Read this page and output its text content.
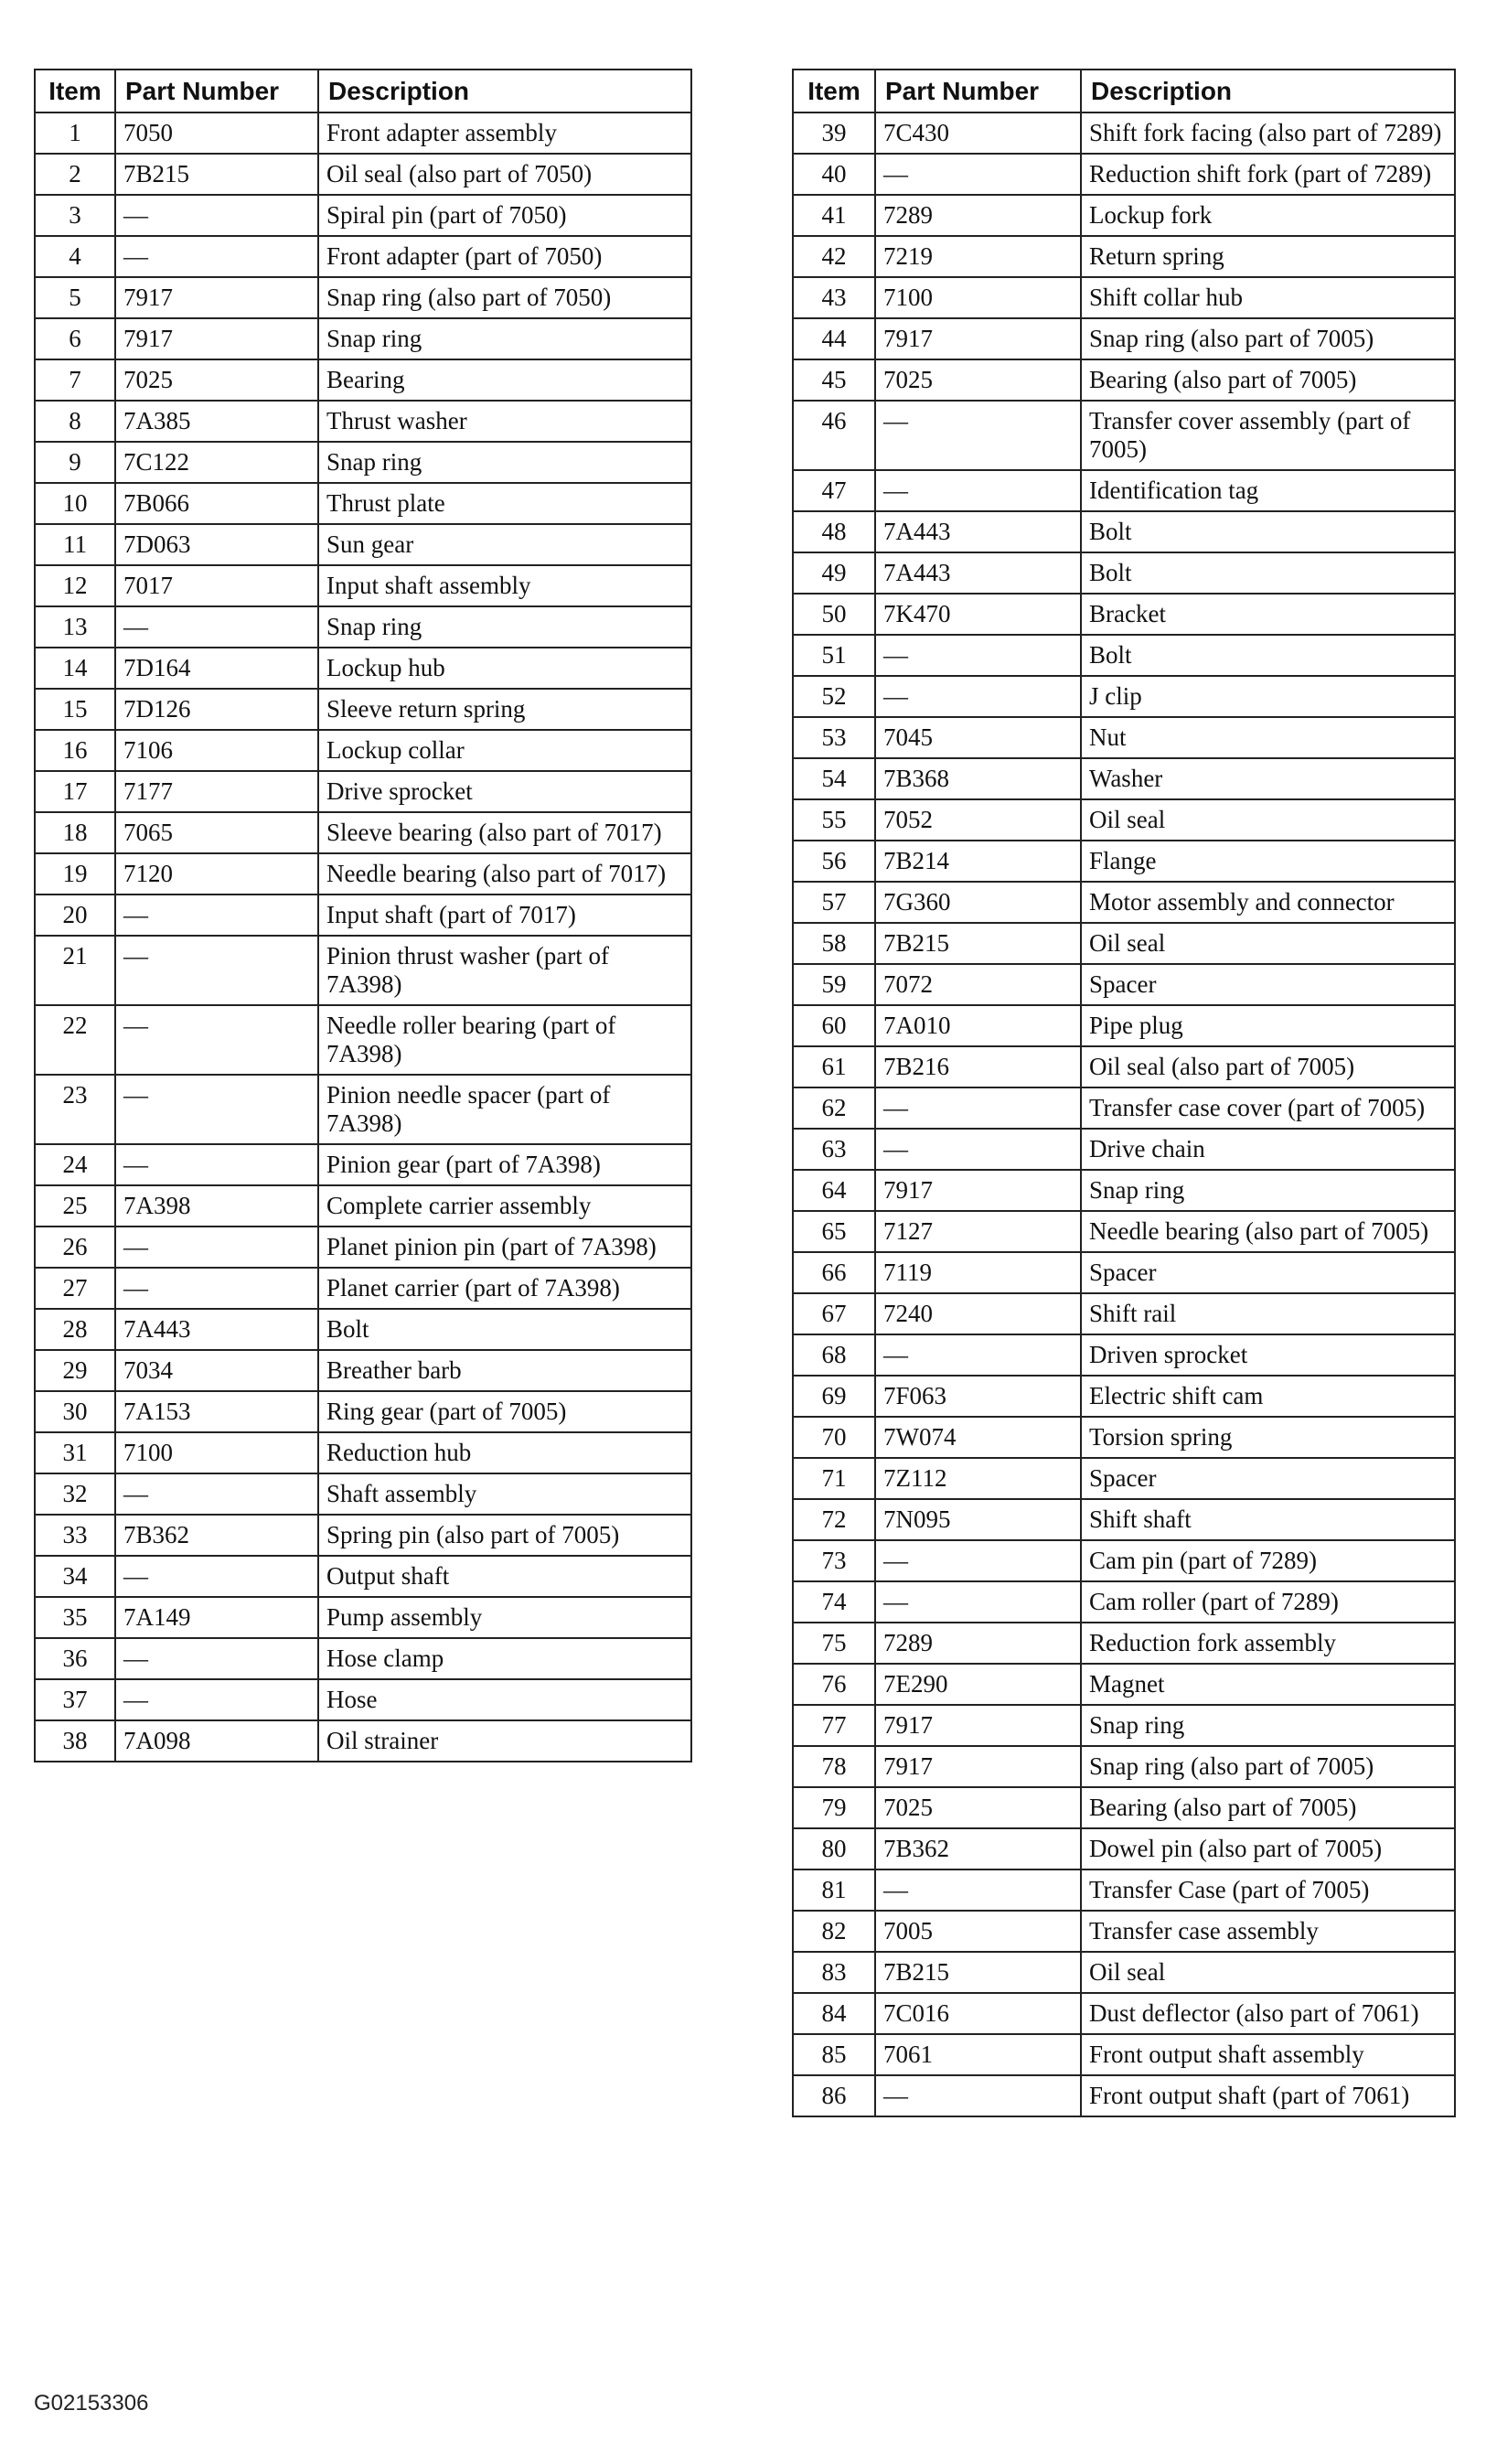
Item	Part Number	Description
1	7050	Front adapter assembly
2	7B215	Oil seal (also part of 7050)
3	—	Spiral pin (part of 7050)
4	—	Front adapter (part of 7050)
5	7917	Snap ring (also part of 7050)
6	7917	Snap ring
7	7025	Bearing
8	7A385	Thrust washer
9	7C122	Snap ring
10	7B066	Thrust plate
11	7D063	Sun gear
12	7017	Input shaft assembly
13	—	Snap ring
14	7D164	Lockup hub
15	7D126	Sleeve return spring
16	7106	Lockup collar
17	7177	Drive sprocket
18	7065	Sleeve bearing (also part of 7017)
19	7120	Needle bearing (also part of 7017)
20	—	Input shaft (part of 7017)
21	—	Pinion thrust washer (part of 7A398)
22	—	Needle roller bearing (part of 7A398)
23	—	Pinion needle spacer (part of 7A398)
24	—	Pinion gear (part of 7A398)
25	7A398	Complete carrier assembly
26	—	Planet pinion pin (part of 7A398)
27	—	Planet carrier (part of 7A398)
28	7A443	Bolt
29	7034	Breather barb
30	7A153	Ring gear (part of 7005)
31	7100	Reduction hub
32	—	Shaft assembly
33	7B362	Spring pin (also part of 7005)
34	—	Output shaft
35	7A149	Pump assembly
36	—	Hose clamp
37	—	Hose
38	7A098	Oil strainer
Item	Part Number	Description
39	7C430	Shift fork facing (also part of 7289)
40	—	Reduction shift fork (part of 7289)
41	7289	Lockup fork
42	7219	Return spring
43	7100	Shift collar hub
44	7917	Snap ring (also part of 7005)
45	7025	Bearing (also part of 7005)
46	—	Transfer cover assembly (part of 7005)
47	—	Identification tag
48	7A443	Bolt
49	7A443	Bolt
50	7K470	Bracket
51	—	Bolt
52	—	J clip
53	7045	Nut
54	7B368	Washer
55	7052	Oil seal
56	7B214	Flange
57	7G360	Motor assembly and connector
58	7B215	Oil seal
59	7072	Spacer
60	7A010	Pipe plug
61	7B216	Oil seal (also part of 7005)
62	—	Transfer case cover (part of 7005)
63	—	Drive chain
64	7917	Snap ring
65	7127	Needle bearing (also part of 7005)
66	7119	Spacer
67	7240	Shift rail
68	—	Driven sprocket
69	7F063	Electric shift cam
70	7W074	Torsion spring
71	7Z112	Spacer
72	7N095	Shift shaft
73	—	Cam pin (part of 7289)
74	—	Cam roller (part of 7289)
75	7289	Reduction fork assembly
76	7E290	Magnet
77	7917	Snap ring
78	7917	Snap ring (also part of 7005)
79	7025	Bearing (also part of 7005)
80	7B362	Dowel pin (also part of 7005)
81	—	Transfer Case (part of 7005)
82	7005	Transfer case assembly
83	7B215	Oil seal
84	7C016	Dust deflector (also part of 7061)
85	7061	Front output shaft assembly
86	—	Front output shaft (part of 7061)
G02153306
